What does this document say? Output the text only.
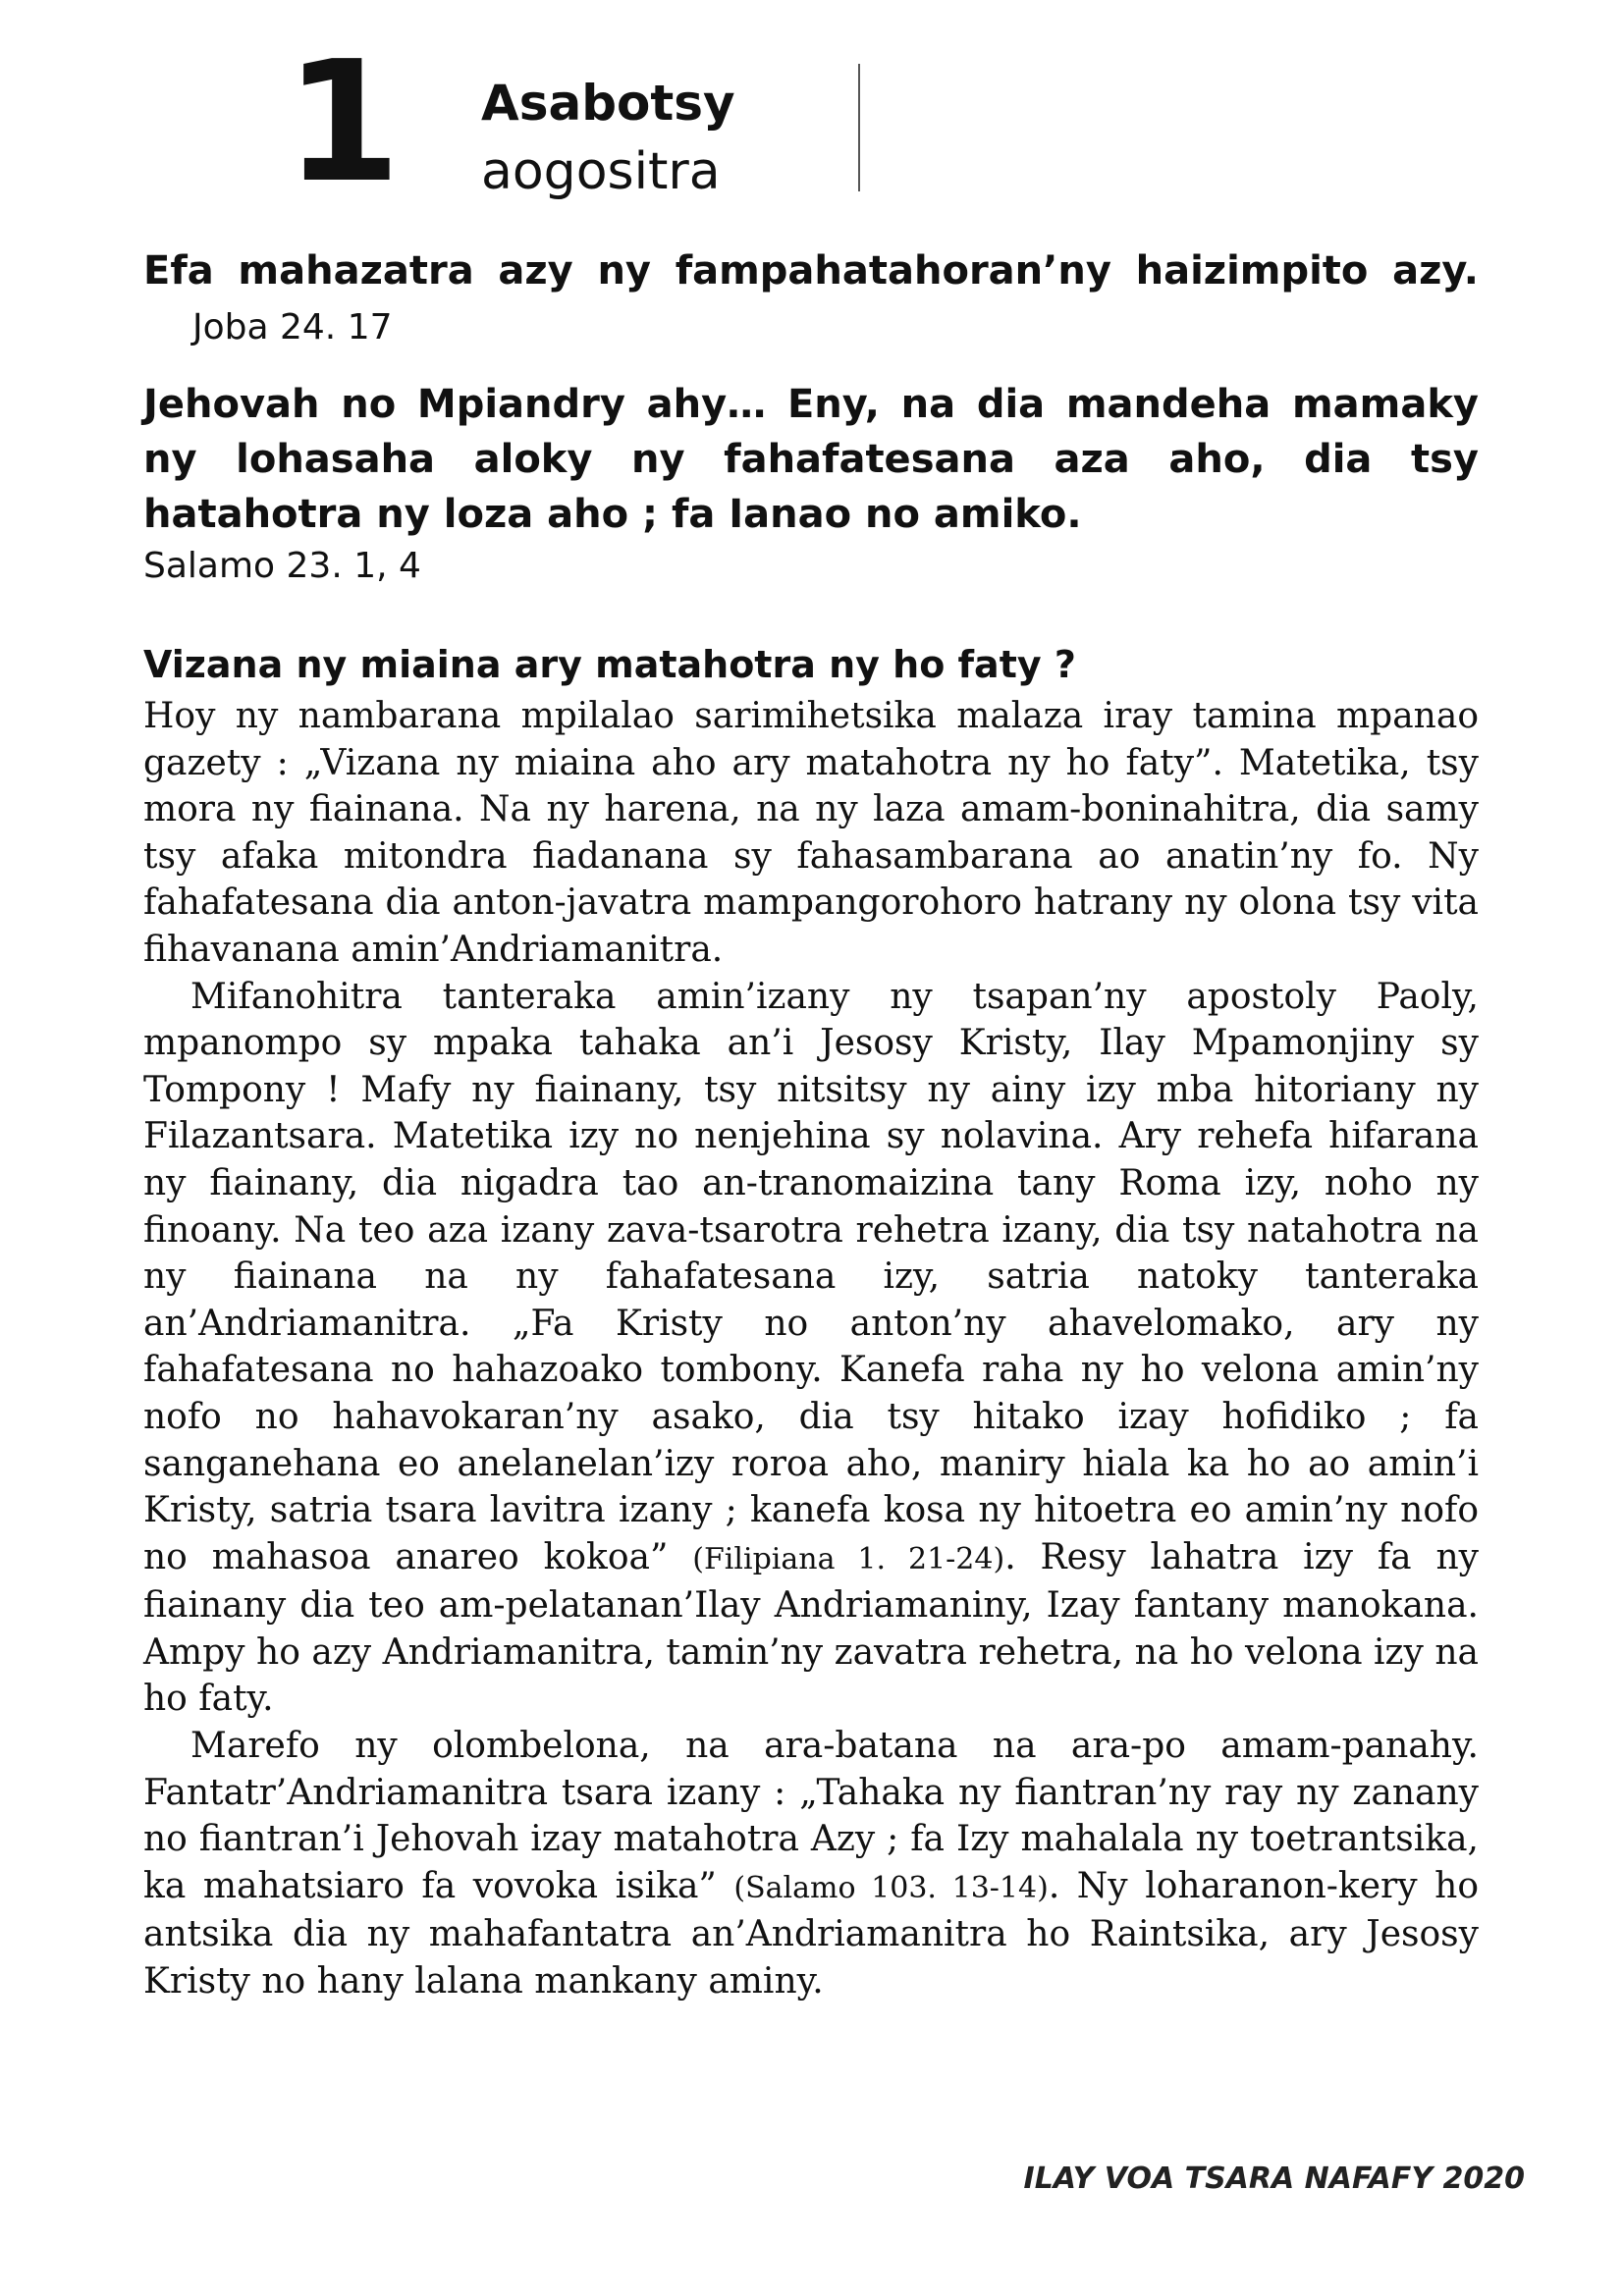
1 Asabotsy
aogositra

Efa mahazatra azy ny fampahatahoran’ny haizimpito azy. Joba 24. 17

Jehovah no Mpiandry ahy… Eny, na dia mandeha mamaky ny lohasaha aloky ny fahafatesana aza aho, dia tsy hatahotra ny loza aho ; fa Ianao no amiko.

Salamo 23. 1, 4

Vizana ny miaina ary matahotra ny ho faty ?

Hoy ny nambarana mpilalao sarimihetsika malaza iray tamina mpanao gazety : „Vizana ny miaina aho ary matahotra ny ho faty”. Matetika, tsy mora ny fiainana. Na ny harena, na ny laza amam-boninahitra, dia samy tsy afaka mitondra fiadanana sy fahasambarana ao anatin’ny fo. Ny fahafatesana dia anton-javatra mampangorohoro hatrany ny olona tsy vita fihavanana amin’Andriamanitra.

Mifanohitra tanteraka amin’izany ny tsapan’ny apostoly Paoly, mpanompo sy mpaka tahaka an’i Jesosy Kristy, Ilay Mpamonjiny sy Tompony ! Mafy ny fiainany, tsy nitsitsy ny ainy izy mba hitoriany ny Filazantsara. Matetika izy no nenjehina sy nolavina. Ary rehefa hifarana ny fiainany, dia nigadra tao an-tranomaizina tany Roma izy, noho ny finoany. Na teo aza izany zava-tsarotra rehetra izany, dia tsy natahotra na ny fiainana na ny fahafatesana izy, satria natoky tanteraka an’Andriamanitra. „Fa Kristy no anton’ny ahavelomako, ary ny fahafatesana no hahazoako tombony. Kanefa raha ny ho velona amin’ny nofo no hahavokaran’ny asako, dia tsy hitako izay hofidiko ; fa sanganehana eo anelanelan’izy roroa aho, maniry hiala ka ho ao amin’i Kristy, satria tsara lavitra izany ; kanefa kosa ny hitoetra eo amin’ny nofo no mahasoa anareo kokoa” (Filipiana 1. 21-24). Resy lahatra izy fa ny fiainany dia teo am-pelatanan’Ilay Andriamaniny, Izay fantany manokana. Ampy ho azy Andriamanitra, tamin’ny zavatra rehetra, na ho velona izy na ho faty.

Marefo ny olombelona, na ara-batana na ara-po amam-panahy. Fantatr’Andriamanitra tsara izany : „Tahaka ny fiantran’ny ray ny zanany no fiantran’i Jehovah izay matahotra Azy ; fa Izy mahalala ny toetrantsika, ka mahatsiaro fa vovoka isika” (Salamo 103. 13-14). Ny loharanon-kery ho antsika dia ny mahafantatra an’Andriamanitra ho Raintsika, ary Jesosy Kristy no hany lalana mankany aminy.

ILAY VOA TSARA NAFAFY 2020
